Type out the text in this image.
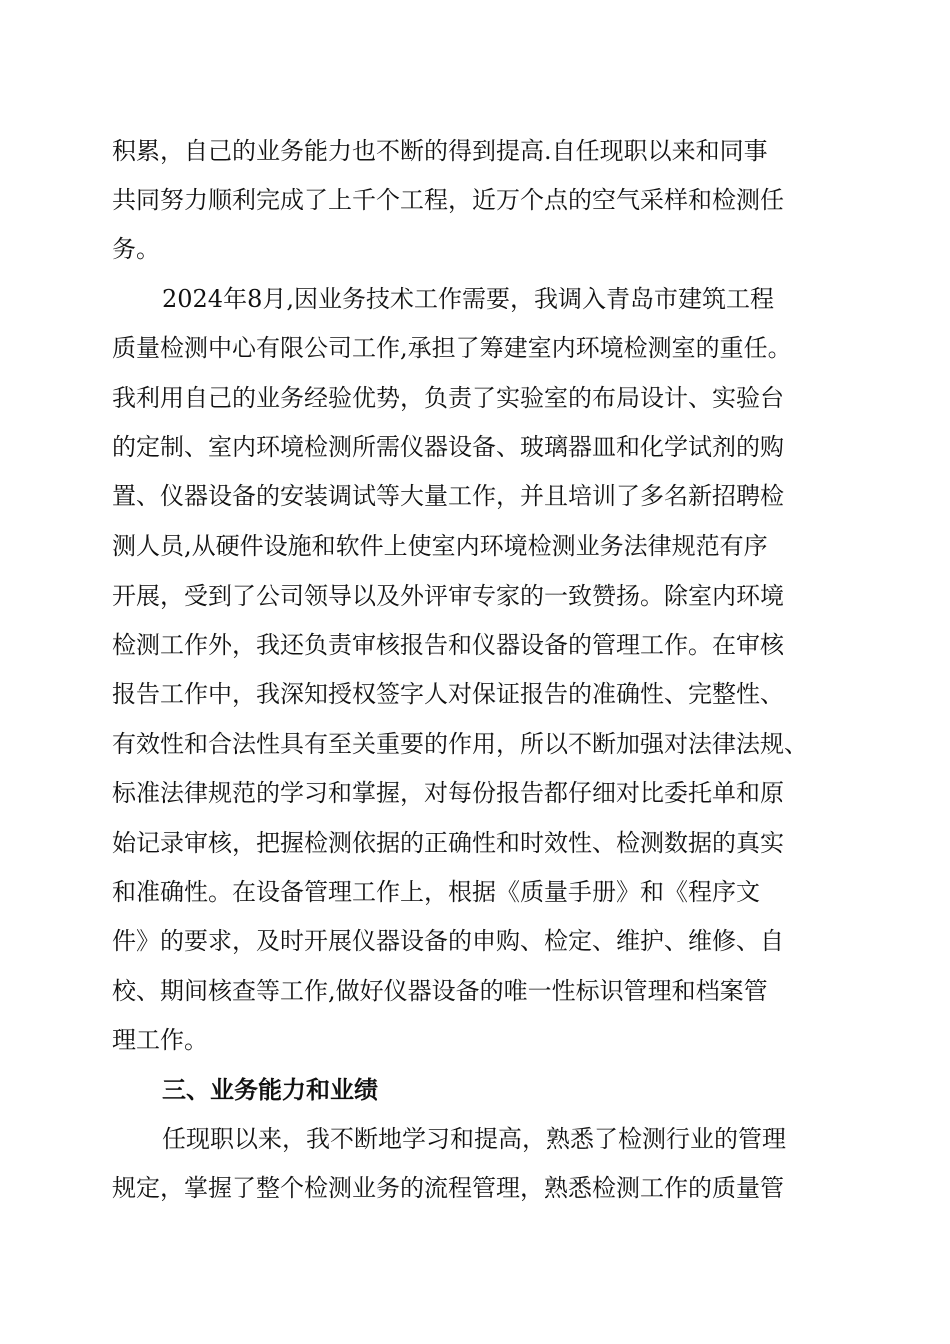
积累，自己的业务能力也不断的得到提高.自任现职以来和同事

共同努力顺利完成了上千个工程，近万个点的空气采样和检测任

务。

2024年8月,因业务技术工作需要，我调入青岛市建筑工程

质量检测中心有限公司工作,承担了筹建室内环境检测室的重任。

我利用自己的业务经验优势，负责了实验室的布局设计、实验台

的定制、室内环境检测所需仪器设备、玻璃器皿和化学试剂的购

置、仪器设备的安装调试等大量工作，并且培训了多名新招聘检

测人员,从硬件设施和软件上使室内环境检测业务法律规范有序

开展，受到了公司领导以及外评审专家的一致赞扬。除室内环境

检测工作外，我还负责审核报告和仪器设备的管理工作。在审核

报告工作中，我深知授权签字人对保证报告的准确性、完整性、

有效性和合法性具有至关重要的作用，所以不断加强对法律法规、

标准法律规范的学习和掌握，对每份报告都仔细对比委托单和原

始记录审核，把握检测依据的正确性和时效性、检测数据的真实

和准确性。在设备管理工作上，根据《质量手册》和《程序文

件》的要求，及时开展仪器设备的申购、检定、维护、维修、自

校、期间核查等工作,做好仪器设备的唯一性标识管理和档案管

理工作。

三、业务能力和业绩

任现职以来，我不断地学习和提高，熟悉了检测行业的管理

规定，掌握了整个检测业务的流程管理，熟悉检测工作的质量管
